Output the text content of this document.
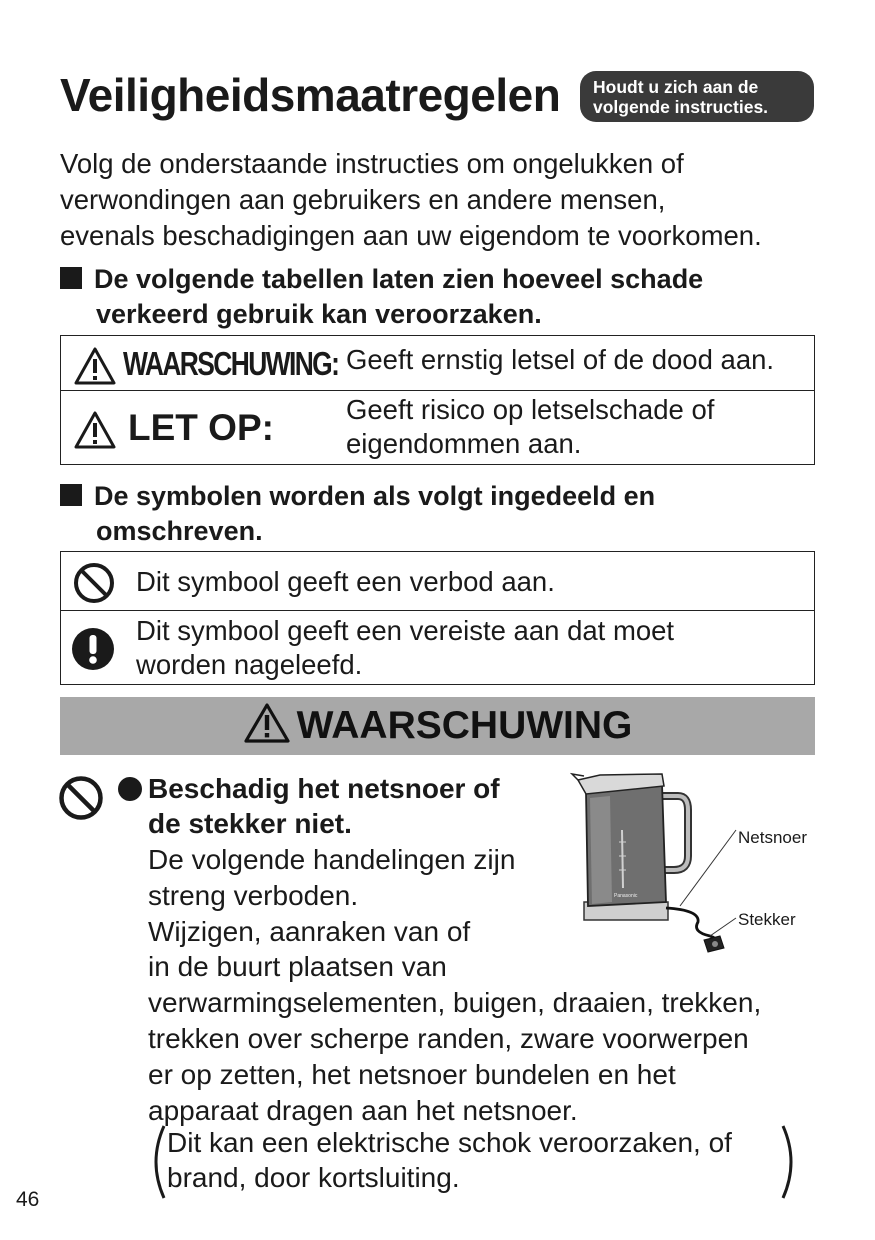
Veiligheidsmaatregelen Houdt u zich aan de
volgende instructies.
Volg de onderstaande instructies om ongelukken of
verwondingen aan gebruikers en andere mensen,
evenals beschadigingen aan uw eigendom te voorkomen.
De volgende tabellen laten zien hoeveel schade
verkeerd gebruik kan veroorzaken.
WAARSCHUWING: Geeft ernstig letsel of de dood aan.
LET OP:	Geeft risico op letselschade of
eigendommen aan.
De symbolen worden als volgt ingedeeld en
omschreven.
Dit symbool geeft een verbod aan.
Dit symbool geeft een vereiste aan dat moet
worden nageleefd.
WAARSCHUWING
Beschadig het netsnoer of
de stekker niet.
De volgende handelingen zijn
streng verboden.
Wijzigen, aanraken van of
in de buurt plaatsen van
verwarmingselementen, buigen, draaien, trekken,
trekken over scherpe randen, zware voorwerpen
er op zetten, het netsnoer bundelen en het
apparaat dragen aan het netsnoer.
Dit kan een elektrische schok veroorzaken, of
brand, door kortsluiting.
Panasonic
Netsnoer
Stekker
46
